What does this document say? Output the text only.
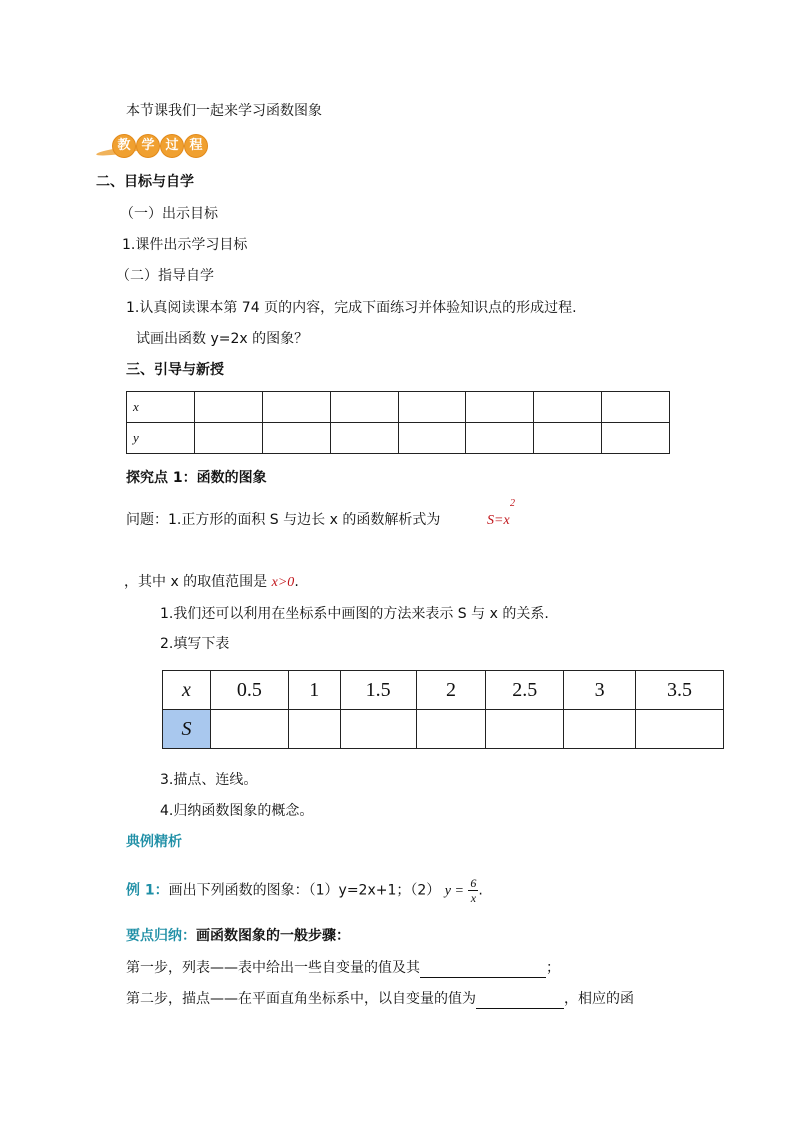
本节课我们一起来学习函数图象
教 学 过 程
二、目标与自学
（一）出示目标
1.课件出示学习目标
（二）指导自学
1.认真阅读课本第 74 页的内容，完成下面练习并体验知识点的形成过程.
试画出函数 y=2x 的图象？
三、引导与新授
x							
y							
探究点 1：函数的图象
问题：1.正方形的面积 S 与边长 x 的函数解析式为	S=x
2
，其中 x 的取值范围是 x>0.
1.我们还可以利用在坐标系中画图的方法来表示 S 与 x 的关系.
2.填写下表
x	0.5	1	1.5	2	2.5	3	3.5
S							
3.描点、连线。
4.归纳函数图象的概念。
典例精析
例 1：画出下列函数的图象：（1）y=2x+1；（2） $y = \frac{6}{x}$ .
要点归纳：画函数图象的一般步骤：
第一步，列表——表中给出一些自变量的值及其	；
第二步，描点——在平面直角坐标系中，以自变量的值为	，相应的函
